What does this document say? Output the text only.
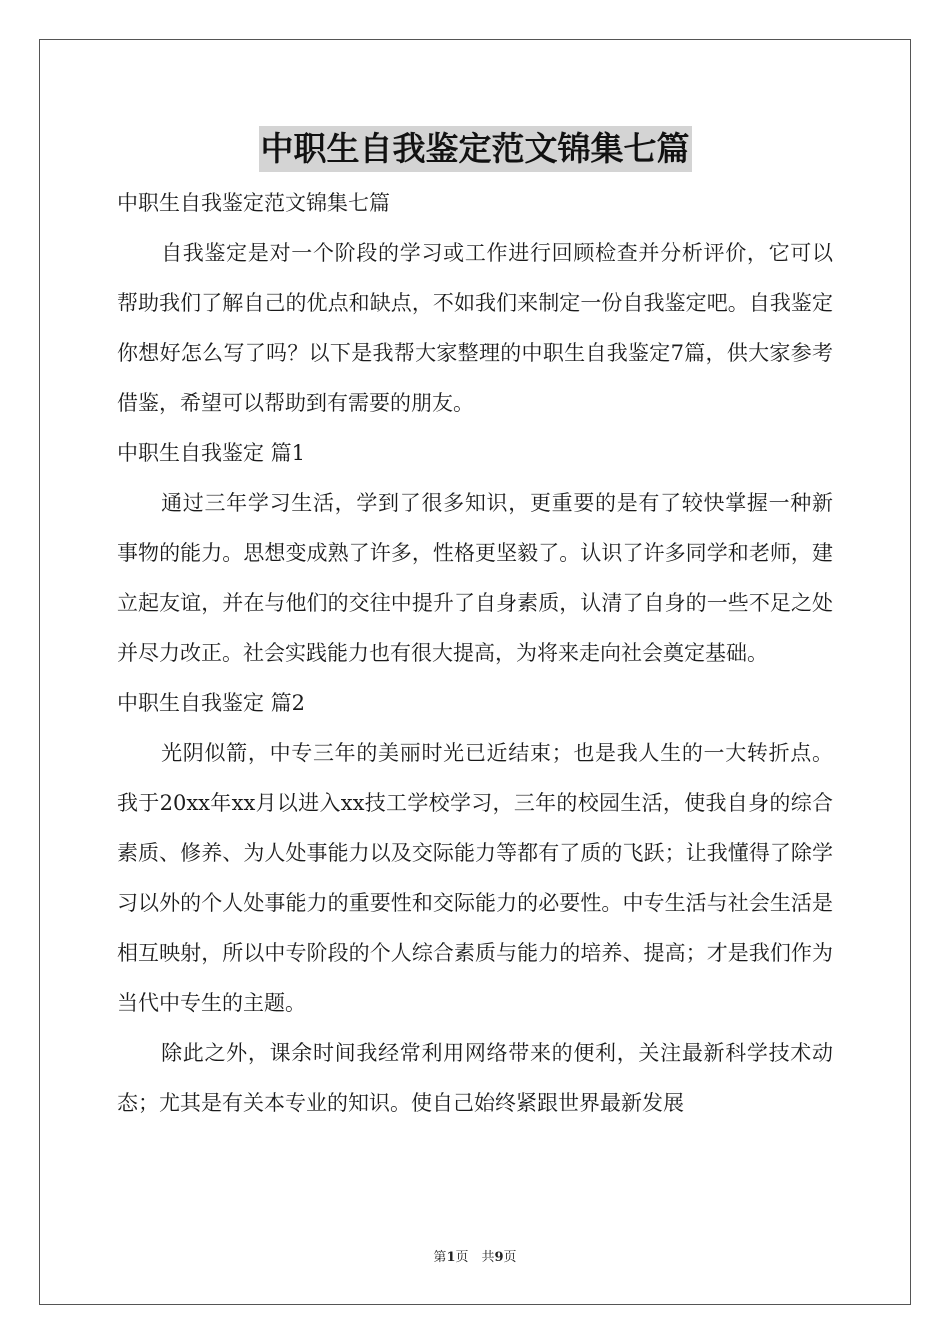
中职生自我鉴定范文锦集七篇

中职生自我鉴定范文锦集七篇

自我鉴定是对一个阶段的学习或工作进行回顾检查并分析评价，它可以帮助我们了解自己的优点和缺点，不如我们来制定一份自我鉴定吧。自我鉴定你想好怎么写了吗？以下是我帮大家整理的中职生自我鉴定7篇，供大家参考借鉴，希望可以帮助到有需要的朋友。

中职生自我鉴定 篇1

通过三年学习生活，学到了很多知识，更重要的是有了较快掌握一种新事物的能力。思想变成熟了许多，性格更坚毅了。认识了许多同学和老师，建立起友谊，并在与他们的交往中提升了自身素质，认清了自身的一些不足之处并尽力改正。社会实践能力也有很大提高，为将来走向社会奠定基础。

中职生自我鉴定 篇2

光阴似箭，中专三年的美丽时光已近结束；也是我人生的一大转折点。我于20xx年xx月以进入xx技工学校学习，三年的校园生活，使我自身的综合素质、修养、为人处事能力以及交际能力等都有了质的飞跃；让我懂得了除学习以外的个人处事能力的重要性和交际能力的必要性。中专生活与社会生活是相互映射，所以中专阶段的个人综合素质与能力的培养、提高；才是我们作为当代中专生的主题。

除此之外，课余时间我经常利用网络带来的便利，关注最新科学技术动态；尤其是有关本专业的知识。使自己始终紧跟世界最新发展

第1页　共9页
